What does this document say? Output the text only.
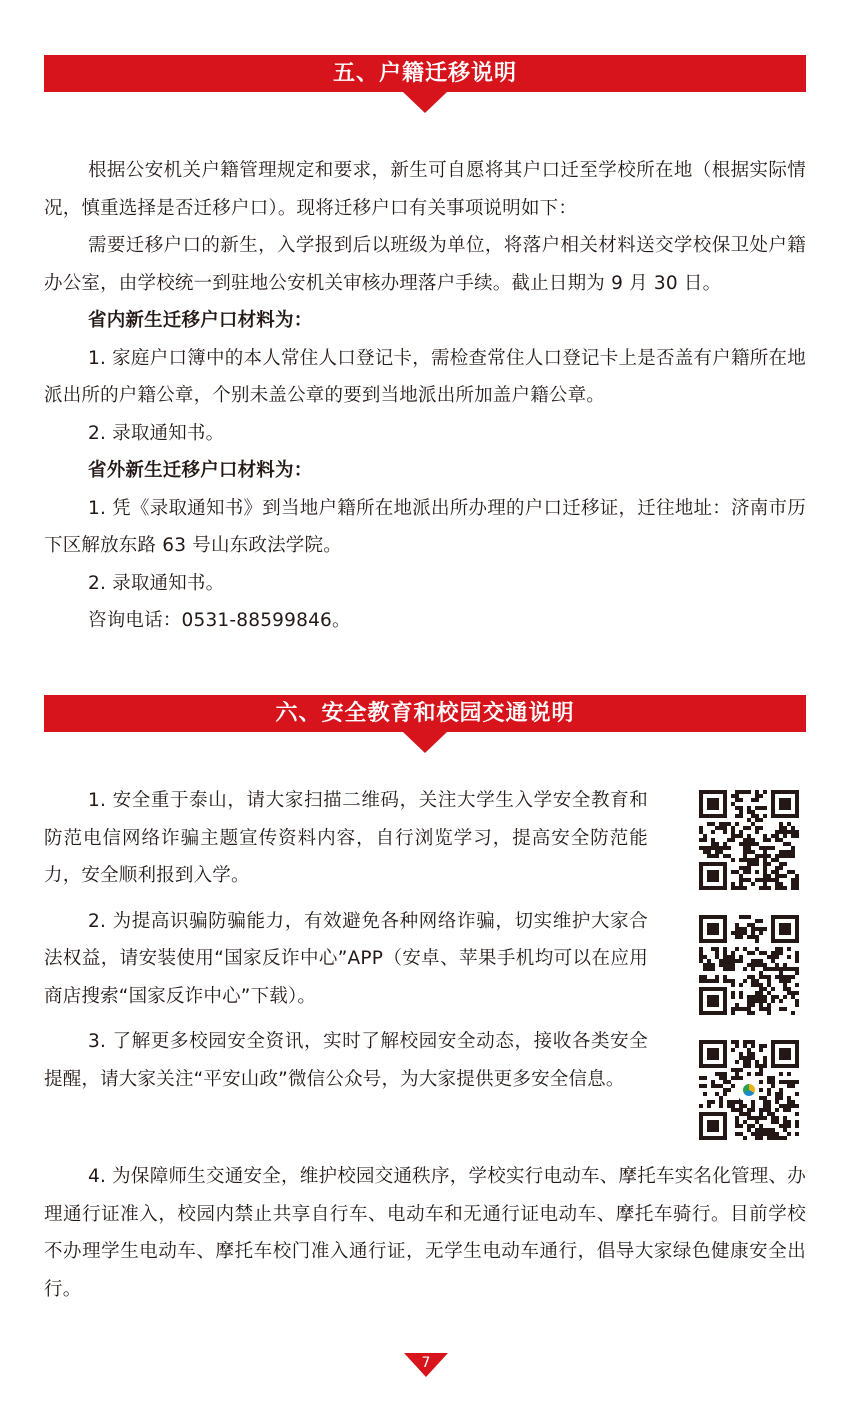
五、户籍迁移说明

根据公安机关户籍管理规定和要求，新生可自愿将其户口迁至学校所在地（根据实际情况，慎重选择是否迁移户口）。现将迁移户口有关事项说明如下：

需要迁移户口的新生，入学报到后以班级为单位，将落户相关材料送交学校保卫处户籍办公室，由学校统一到驻地公安机关审核办理落户手续。截止日期为 9 月 30 日。

省内新生迁移户口材料为：

1. 家庭户口簿中的本人常住人口登记卡，需检查常住人口登记卡上是否盖有户籍所在地派出所的户籍公章，个别未盖公章的要到当地派出所加盖户籍公章。

2. 录取通知书。

省外新生迁移户口材料为：

1. 凭《录取通知书》到当地户籍所在地派出所办理的户口迁移证，迁往地址：济南市历下区解放东路 63 号山东政法学院。

2. 录取通知书。

咨询电话：0531-88599846。

六、安全教育和校园交通说明

1. 安全重于泰山，请大家扫描二维码，关注大学生入学安全教育和防范电信网络诈骗主题宣传资料内容，自行浏览学习，提高安全防范能力，安全顺利报到入学。

2. 为提高识骗防骗能力，有效避免各种网络诈骗，切实维护大家合法权益，请安装使用“国家反诈中心”APP（安卓、苹果手机均可以在应用商店搜索“国家反诈中心”下载）。

3. 了解更多校园安全资讯，实时了解校园安全动态，接收各类安全提醒，请大家关注“平安山政”微信公众号，为大家提供更多安全信息。

4. 为保障师生交通安全，维护校园交通秩序，学校实行电动车、摩托车实名化管理、办理通行证准入，校园内禁止共享自行车、电动车和无通行证电动车、摩托车骑行。目前学校不办理学生电动车、摩托车校门准入通行证，无学生电动车通行，倡导大家绿色健康安全出行。

7
